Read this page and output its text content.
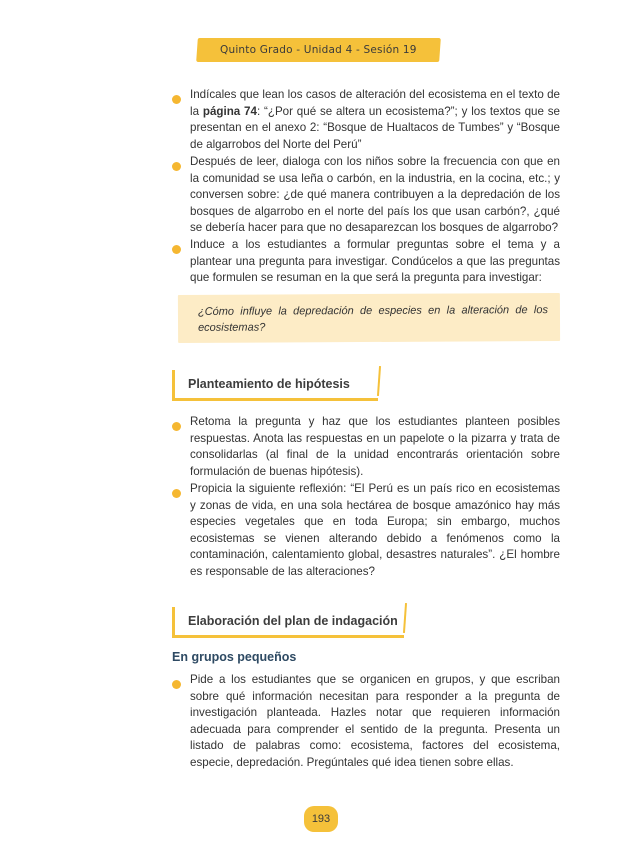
Quinto Grado - Unidad 4 - Sesión 19

Indícales que lean los casos de alteración del ecosistema en el texto de la página 74: “¿Por qué se altera un ecosistema?”; y los textos que se presentan en el anexo 2: “Bosque de Hualtacos de Tumbes” y “Bosque de algarrobos del Norte del Perú”

Después de leer, dialoga con los niños sobre la frecuencia con que en la comunidad se usa leña o carbón, en la industria, en la cocina, etc.; y conversen sobre: ¿de qué manera contribuyen a la depredación de los bosques de algarrobo en el norte del país los que usan carbón?, ¿qué se debería hacer para que no desaparezcan los bosques de algarrobo?

Induce a los estudiantes a formular preguntas sobre el tema y a plantear una pregunta para investigar. Condúcelos a que las preguntas que formulen se resuman en la que será la pregunta para investigar:

¿Cómo influye la depredación de especies en la alteración de los ecosistemas?

Planteamiento de hipótesis

Retoma la pregunta y haz que los estudiantes planteen posibles respuestas. Anota las respuestas en un papelote o la pizarra y trata de consolidarlas (al final de la unidad encontrarás orientación sobre formulación de buenas hipótesis).

Propicia la siguiente reflexión: “El Perú es un país rico en ecosistemas y zonas de vida, en una sola hectárea de bosque amazónico hay más especies vegetales que en toda Europa; sin embargo, muchos ecosistemas se vienen alterando debido a fenómenos como la contaminación, calentamiento global, desastres naturales”. ¿El hombre es responsable de las alteraciones?

Elaboración del plan de indagación
En grupos pequeños

Pide a los estudiantes que se organicen en grupos, y que escriban sobre qué información necesitan para responder a la pregunta de investigación planteada. Hazles notar que requieren información adecuada para comprender el sentido de la pregunta. Presenta un listado de palabras como: ecosistema, factores del ecosistema, especie, depredación. Pregúntales qué idea tienen sobre ellas.

193
